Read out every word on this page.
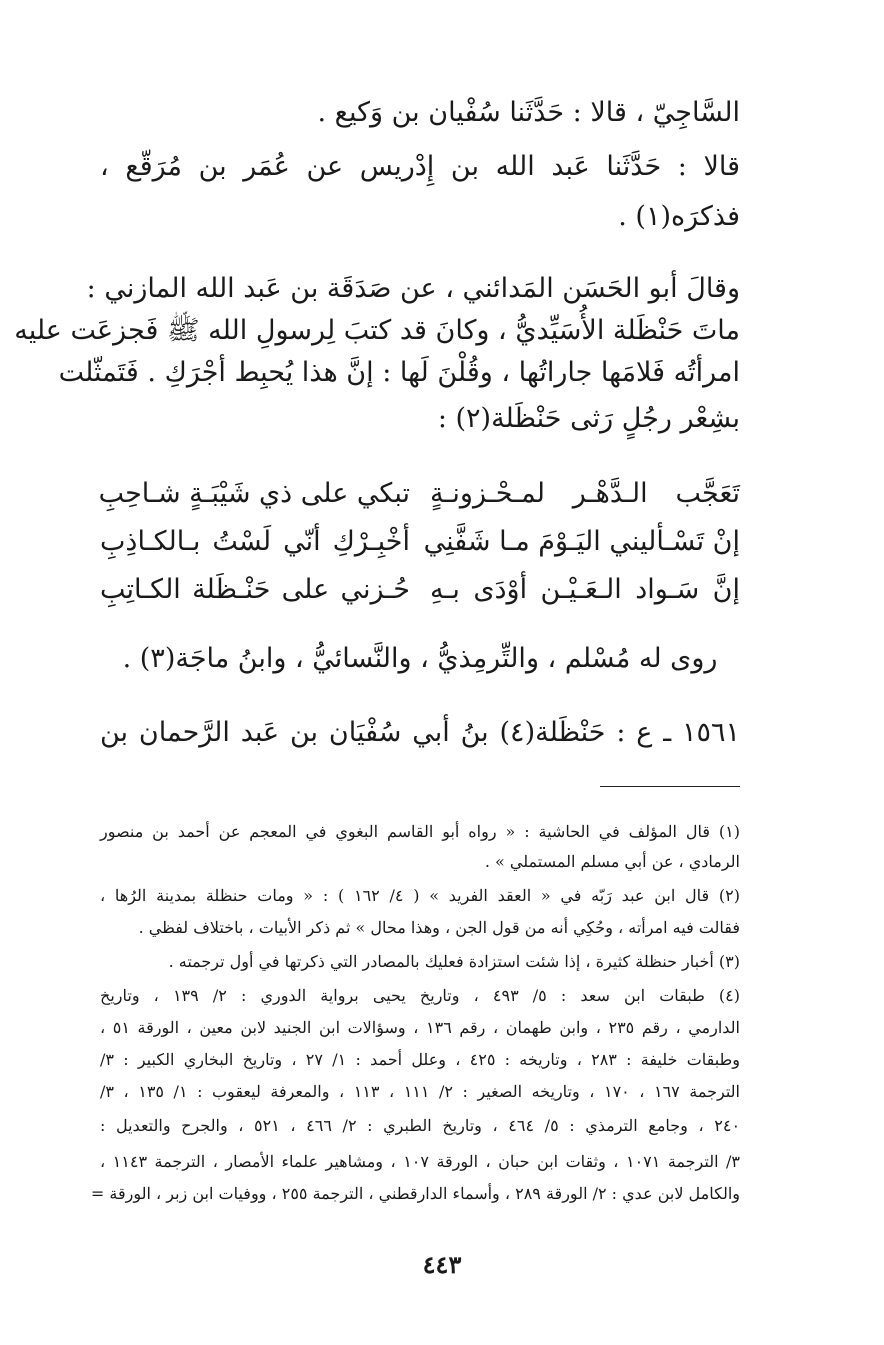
السَّاجِيّ ، قالا : حَدَّثَنا سُفْيان بن وَكيع .
قالا : حَدَّثَنا عَبد الله بن إِدْريس عن عُمَر بن مُرَقّع ،
فذكرَه(١) .
وقالَ أبو الحَسَن المَدائني ، عن صَدَقَة بن عَبد الله المازني :
ماتَ حَنْظَلة الأُسَيِّديُّ ، وكانَ قد كتبَ لِرسولِ الله ﷺ فَجزعَت عليه
امرأتُه فَلامَها جاراتُها ، وقُلْنَ لَها : إنَّ هذا يُحبِط أجْرَكِ . فَتَمثّلت
بشِعْر رجُلٍ رَثى حَنْظَلة(٢) :
تَعَجَّب الـدَّهْـر لمـحْـزونـةٍ
تبكي على ذي شَيْبَـةٍ شـاحِبِ
إنْ تَسْـأليني اليَـوْمَ مـا شَفَّنِي
أخْبِـرْكِ أنّي لَسْتُ بـالكـاذِبِ
إنَّ سَـواد الـعَـيْـن أوْدَى بـهِ
حُـزني على حَنْـظَلة الكـاتِبِ
روى له مُسْلم ، والتِّرمِذيُّ ، والنَّسائيُّ ، وابنُ ماجَة(٣) .
١٥٦١ ـ ع : حَنْظَلة(٤) بنُ أبي سُفْيَان بن عَبد الرَّحمان بن
(١) قال المؤلف في الحاشية : « رواه أبو القاسم البغوي في المعجم عن أحمد بن منصور
الرمادي ، عن أبي مسلم المستملي » .
(٢) قال ابن عبد رَبّه في « العقد الفريد » ( ٤/ ١٦٢ ) : « ومات حنظلة بمدينة الرُها ،
فقالت فيه امرأته ، وحُكِي أنه من قول الجن ، وهذا محال » ثم ذكر الأبيات ، باختلاف لفظي .
(٣) أخبار حنظلة كثيرة ، إذا شئت استزادة فعليك بالمصادر التي ذكرتها في أول ترجمته .
(٤) طبقات ابن سعد : ٥/ ٤٩٣ ، وتاريخ يحيى برواية الدوري : ٢/ ١٣٩ ، وتاريخ
الدارمي ، رقم ٢٣٥ ، وابن طهمان ، رقم ١٣٦ ، وسؤالات ابن الجنيد لابن معين ، الورقة ٥١ ،
وطبقات خليفة : ٢٨٣ ، وتاريخه : ٤٢٥ ، وعلل أحمد : ١/ ٢٧ ، وتاريخ البخاري الكبير : ٣/
الترجمة ١٦٧ ، ١٧٠ ، وتاريخه الصغير : ٢/ ١١١ ، ١١٣ ، والمعرفة ليعقوب : ١/ ١٣٥ ، ٣/
٢٤٠ ، وجامع الترمذي : ٥/ ٤٦٤ ، وتاريخ الطبري : ٢/ ٤٦٦ ، ٥٢١ ، والجرح والتعديل :
٣/ الترجمة ١٠٧١ ، وثقات ابن حبان ، الورقة ١٠٧ ، ومشاهير علماء الأمصار ، الترجمة ١١٤٣ ،
والكامل لابن عدي : ٢/ الورقة ٢٨٩ ، وأسماء الدارقطني ، الترجمة ٢٥٥ ، ووفيات ابن زبر ، الورقة =
٤٤٣
